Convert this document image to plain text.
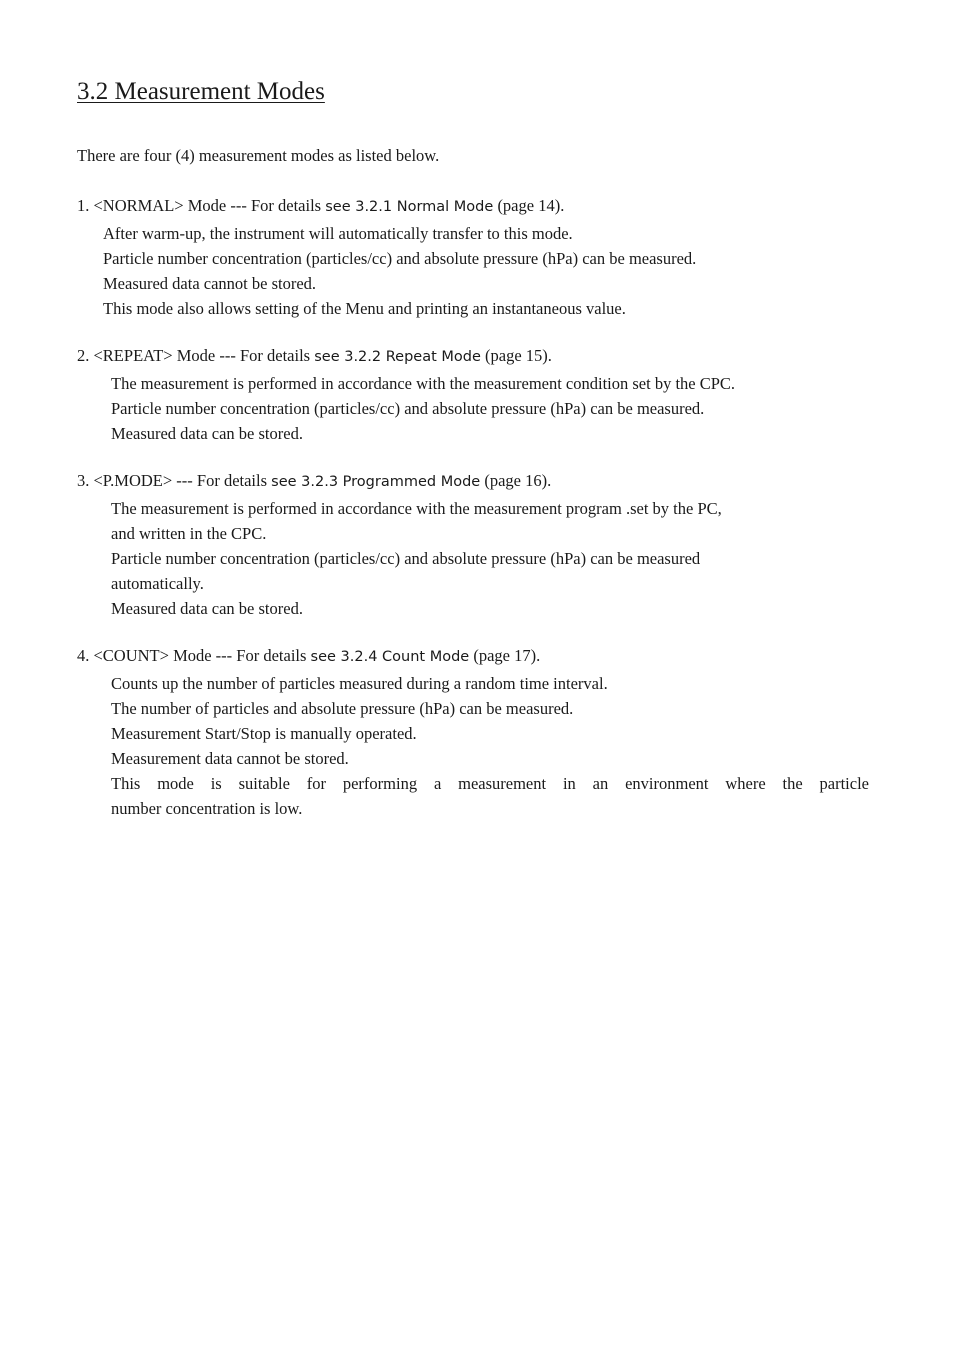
3.2 Measurement Modes

There are four (4) measurement modes as listed below.

1. <NORMAL> Mode --- For details see 3.2.1 Normal Mode (page 14).

After warm-up, the instrument will automatically transfer to this mode.

Particle number concentration (particles/cc) and absolute pressure (hPa) can be measured.

Measured data cannot be stored.

This mode also allows setting of the Menu and printing an instantaneous value.

2. <REPEAT> Mode --- For details see 3.2.2 Repeat Mode (page 15).

The measurement is performed in accordance with the measurement condition set by the CPC.

Particle number concentration (particles/cc) and absolute pressure (hPa) can be measured.

Measured data can be stored.

3. <P.MODE> --- For details see 3.2.3 Programmed Mode (page 16).

The measurement is performed in accordance with the measurement program .set by the PC,

and written in the CPC.

Particle number concentration (particles/cc) and absolute pressure (hPa) can be measured

automatically.

Measured data can be stored.

4. <COUNT> Mode --- For details see 3.2.4 Count Mode (page 17).

Counts up the number of particles measured during a random time interval.

The number of particles and absolute pressure (hPa) can be measured.

Measurement Start/Stop is manually operated.

Measurement data cannot be stored.

This mode is suitable for performing a measurement in an environment where the particle

number concentration is low.
